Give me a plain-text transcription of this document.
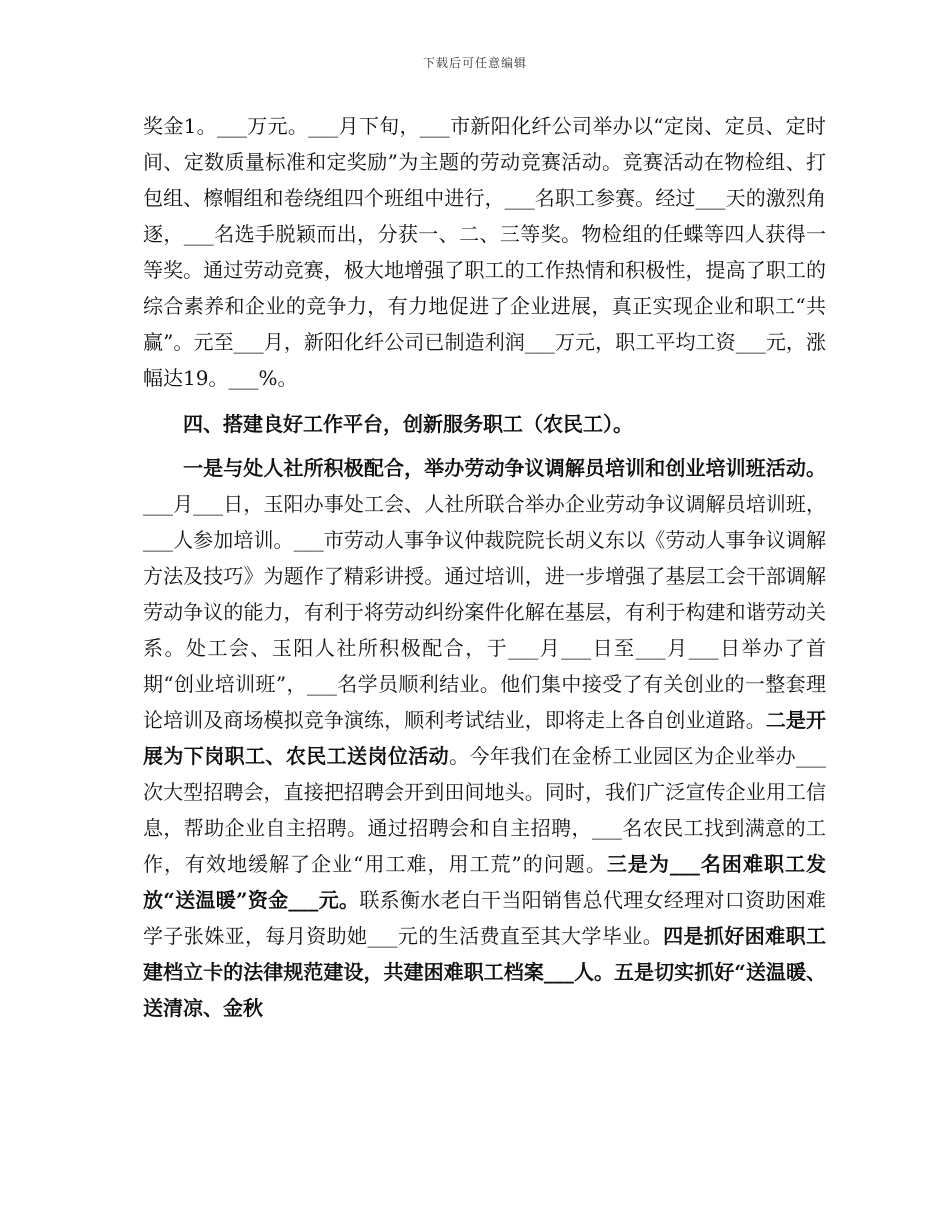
下载后可任意编辑

奖金1。___万元。___月下旬，___市新阳化纤公司举办以“定岗、定员、定时间、定数质量标准和定奖励”为主题的劳动竞赛活动。竞赛活动在物检组、打包组、檫帽组和卷绕组四个班组中进行，___名职工参赛。经过___天的激烈角逐，___名选手脱颖而出，分获一、二、三等奖。物检组的任蝶等四人获得一等奖。通过劳动竞赛，极大地增强了职工的工作热情和积极性，提高了职工的综合素养和企业的竞争力，有力地促进了企业进展，真正实现企业和职工“共赢”。元至___月，新阳化纤公司已制造利润___万元，职工平均工资___元，涨幅达19。___%。

四、搭建良好工作平台，创新服务职工（农民工）。

一是与处人社所积极配合，举办劳动争议调解员培训和创业培训班活动。___月___日，玉阳办事处工会、人社所联合举办企业劳动争议调解员培训班，___人参加培训。___市劳动人事争议仲裁院院长胡义东以《劳动人事争议调解方法及技巧》为题作了精彩讲授。通过培训，进一步增强了基层工会干部调解劳动争议的能力，有利于将劳动纠纷案件化解在基层，有利于构建和谐劳动关系。处工会、玉阳人社所积极配合，于___月___日至___月___日举办了首期“创业培训班”，___名学员顺利结业。他们集中接受了有关创业的一整套理论培训及商场模拟竞争演练，顺利考试结业，即将走上各自创业道路。二是开展为下岗职工、农民工送岗位活动。今年我们在金桥工业园区为企业举办___次大型招聘会，直接把招聘会开到田间地头。同时，我们广泛宣传企业用工信息，帮助企业自主招聘。通过招聘会和自主招聘，___名农民工找到满意的工作，有效地缓解了企业“用工难，用工荒”的问题。三是为___名困难职工发放“送温暖”资金___元。联系衡水老白干当阳销售总代理女经理对口资助困难学子张姝亚，每月资助她___元的生活费直至其大学毕业。四是抓好困难职工建档立卡的法律规范建设，共建困难职工档案___人。五是切实抓好“送温暖、送清凉、金秋
